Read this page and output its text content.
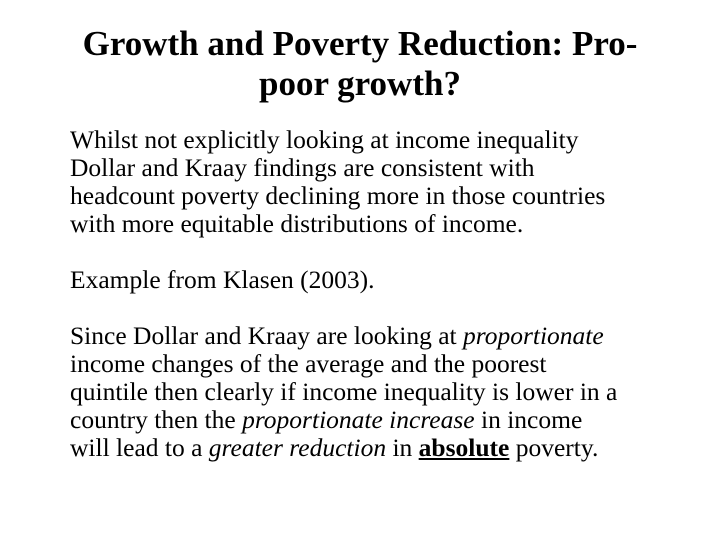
Growth and Poverty Reduction: Pro-
poor growth?

Whilst not explicitly looking at income inequality
Dollar and Kraay findings are consistent with
headcount poverty declining more in those countries
with more equitable distributions of income.

Example from Klasen (2003).

Since Dollar and Kraay are looking at proportionate
income changes of the average and the poorest
quintile then clearly if income inequality is lower in a
country then the proportionate increase in income
will lead to a greater reduction in absolute poverty.
